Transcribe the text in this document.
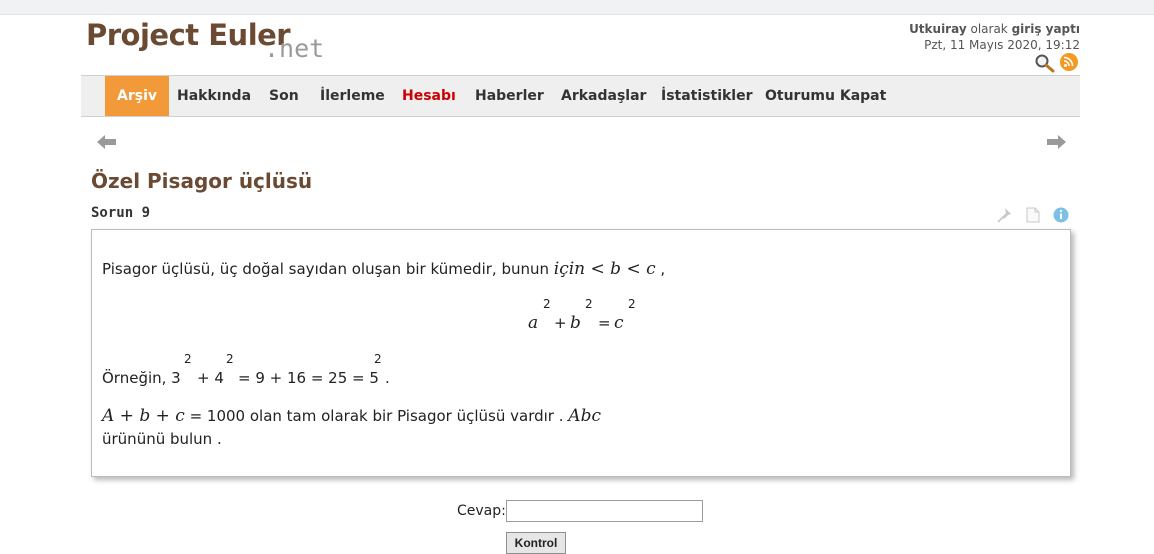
Project Euler
.net
Utkuiray olarak giriş yaptı
Pzt, 11 Mayıs 2020, 19:12
Arşiv	Hakkında Son İlerleme Hesabı Haberler Arkadaşlar İstatistikler Oturumu Kapat
Özel Pisagor üçlüsü
Sorun 9
Pisagor üçlüsü, üç doğal sayıdan oluşan bir kümedir, bunun için < b < c ,
a
2
+ b
2
= c
2
Örneğin, 3
2
+ 4
2
= 9 + 16 = 25 = 5
2
.
A + b + c = 1000 olan tam olarak bir Pisagor üçlüsü vardır . Abc
ürününü bulun .
Cevap:
Kontrol
